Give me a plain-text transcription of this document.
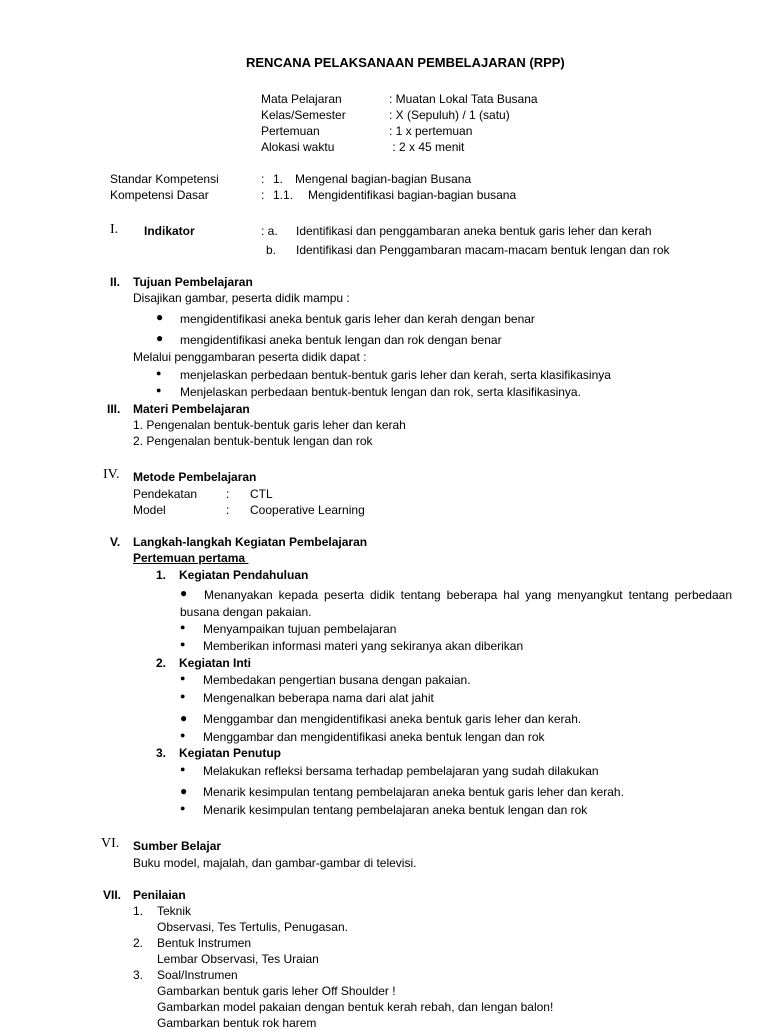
RENCANA PELAKSANAAN PEMBELAJARAN (RPP)
Mata Pelajaran	: Muatan Lokal Tata Busana
Kelas/Semester	: X (Sepuluh) / 1 (satu)
Pertemuan	: 1 x pertemuan
Alokasi waktu	: 2 x 45 menit
Standar Kompetensi	: 1. Mengenal bagian-bagian Busana
Kompetensi Dasar	: 1.1. Mengidentifikasi bagian-bagian busana
I. Indikator	: a. Identifikasi dan penggambaran aneka bentuk garis leher dan kerah
b. Identifikasi dan Penggambaran macam-macam bentuk lengan dan rok
II. Tujuan Pembelajaran
Disajikan gambar, peserta didik mampu :
● mengidentifikasi aneka bentuk garis leher dan kerah dengan benar
● mengidentifikasi aneka bentuk lengan dan rok dengan benar
Melalui penggambaran peserta didik dapat :
● menjelaskan perbedaan bentuk-bentuk garis leher dan kerah, serta klasifikasinya
● Menjelaskan perbedaan bentuk-bentuk lengan dan rok, serta klasifikasinya.
III. Materi Pembelajaran
1. Pengenalan bentuk-bentuk garis leher dan kerah
2. Pengenalan bentuk-bentuk lengan dan rok
IV. Metode Pembelajaran
Pendekatan : CTL
Model	: Cooperative Learning
V. Langkah-langkah Kegiatan Pembelajaran
Pertemuan pertama
1. Kegiatan Pendahuluan
●	Menanyakan kepada peserta didik tentang beberapa hal yang menyangkut tentang perbedaan
busana dengan pakaian.
● Menyampaikan tujuan pembelajaran
● Memberikan informasi materi yang sekiranya akan diberikan
2. Kegiatan Inti
● Membedakan pengertian busana dengan pakaian.
● Mengenalkan beberapa nama dari alat jahit
● Menggambar dan mengidentifikasi aneka bentuk garis leher dan kerah.
● Menggambar dan mengidentifikasi aneka bentuk lengan dan rok
3. Kegiatan Penutup
● Melakukan refleksi bersama terhadap pembelajaran yang sudah dilakukan
● Menarik kesimpulan tentang pembelajaran aneka bentuk garis leher dan kerah.
● Menarik kesimpulan tentang pembelajaran aneka bentuk lengan dan rok
VI. Sumber Belajar
Buku model, majalah, dan gambar-gambar di televisi.
VII. Penilaian
1. Teknik
Observasi, Tes Tertulis, Penugasan.
2. Bentuk Instrumen
Lembar Observasi, Tes Uraian
3. Soal/Instrumen
Gambarkan bentuk garis leher Off Shoulder !
Gambarkan model pakaian dengan bentuk kerah rebah, dan lengan balon!
Gambarkan bentuk rok harem
